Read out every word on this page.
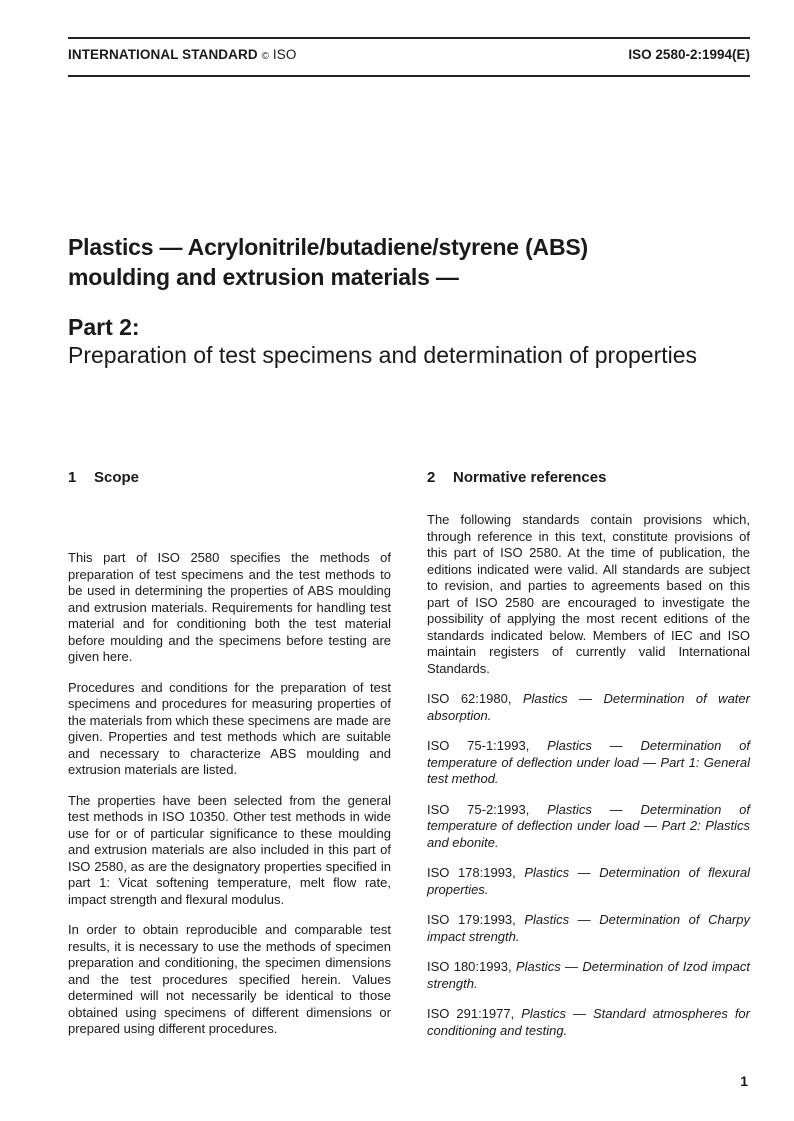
INTERNATIONAL STANDARD © ISO	ISO 2580-2:1994(E)
Plastics — Acrylonitrile/butadiene/styrene (ABS)
moulding and extrusion materials —
Part 2:
Preparation of test specimens and determination of properties
1 Scope

This part of ISO 2580 specifies the methods of preparation of test specimens and the test methods to be used in determining the properties of ABS moulding and extrusion materials. Requirements for handling test material and for conditioning both the test material before moulding and the specimens before testing are given here.

Procedures and conditions for the preparation of test specimens and procedures for measuring properties of the materials from which these specimens are made are given. Properties and test methods which are suitable and necessary to characterize ABS moulding and extrusion materials are listed.

The properties have been selected from the general test methods in ISO 10350. Other test methods in wide use for or of particular significance to these moulding and extrusion materials are also included in this part of ISO 2580, as are the designatory properties specified in part 1: Vicat softening temperature, melt flow rate, impact strength and flexural modulus.

In order to obtain reproducible and comparable test results, it is necessary to use the methods of specimen preparation and conditioning, the specimen dimensions and the test procedures specified herein. Values determined will not necessarily be identical to those obtained using specimens of different dimensions or prepared using different procedures.

2 Normative references

The following standards contain provisions which, through reference in this text, constitute provisions of this part of ISO 2580. At the time of publication, the editions indicated were valid. All standards are subject to revision, and parties to agreements based on this part of ISO 2580 are encouraged to investigate the possibility of applying the most recent editions of the standards indicated below. Members of IEC and ISO maintain registers of currently valid International Standards.

ISO 62:1980, Plastics — Determination of water absorption.
ISO 75-1:1993, Plastics — Determination of temperature of deflection under load — Part 1: General test method.
ISO 75-2:1993, Plastics — Determination of temperature of deflection under load — Part 2: Plastics and ebonite.
ISO 178:1993, Plastics — Determination of flexural properties.
ISO 179:1993, Plastics — Determination of Charpy impact strength.
ISO 180:1993, Plastics — Determination of Izod impact strength.
ISO 291:1977, Plastics — Standard atmospheres for conditioning and testing.
1
